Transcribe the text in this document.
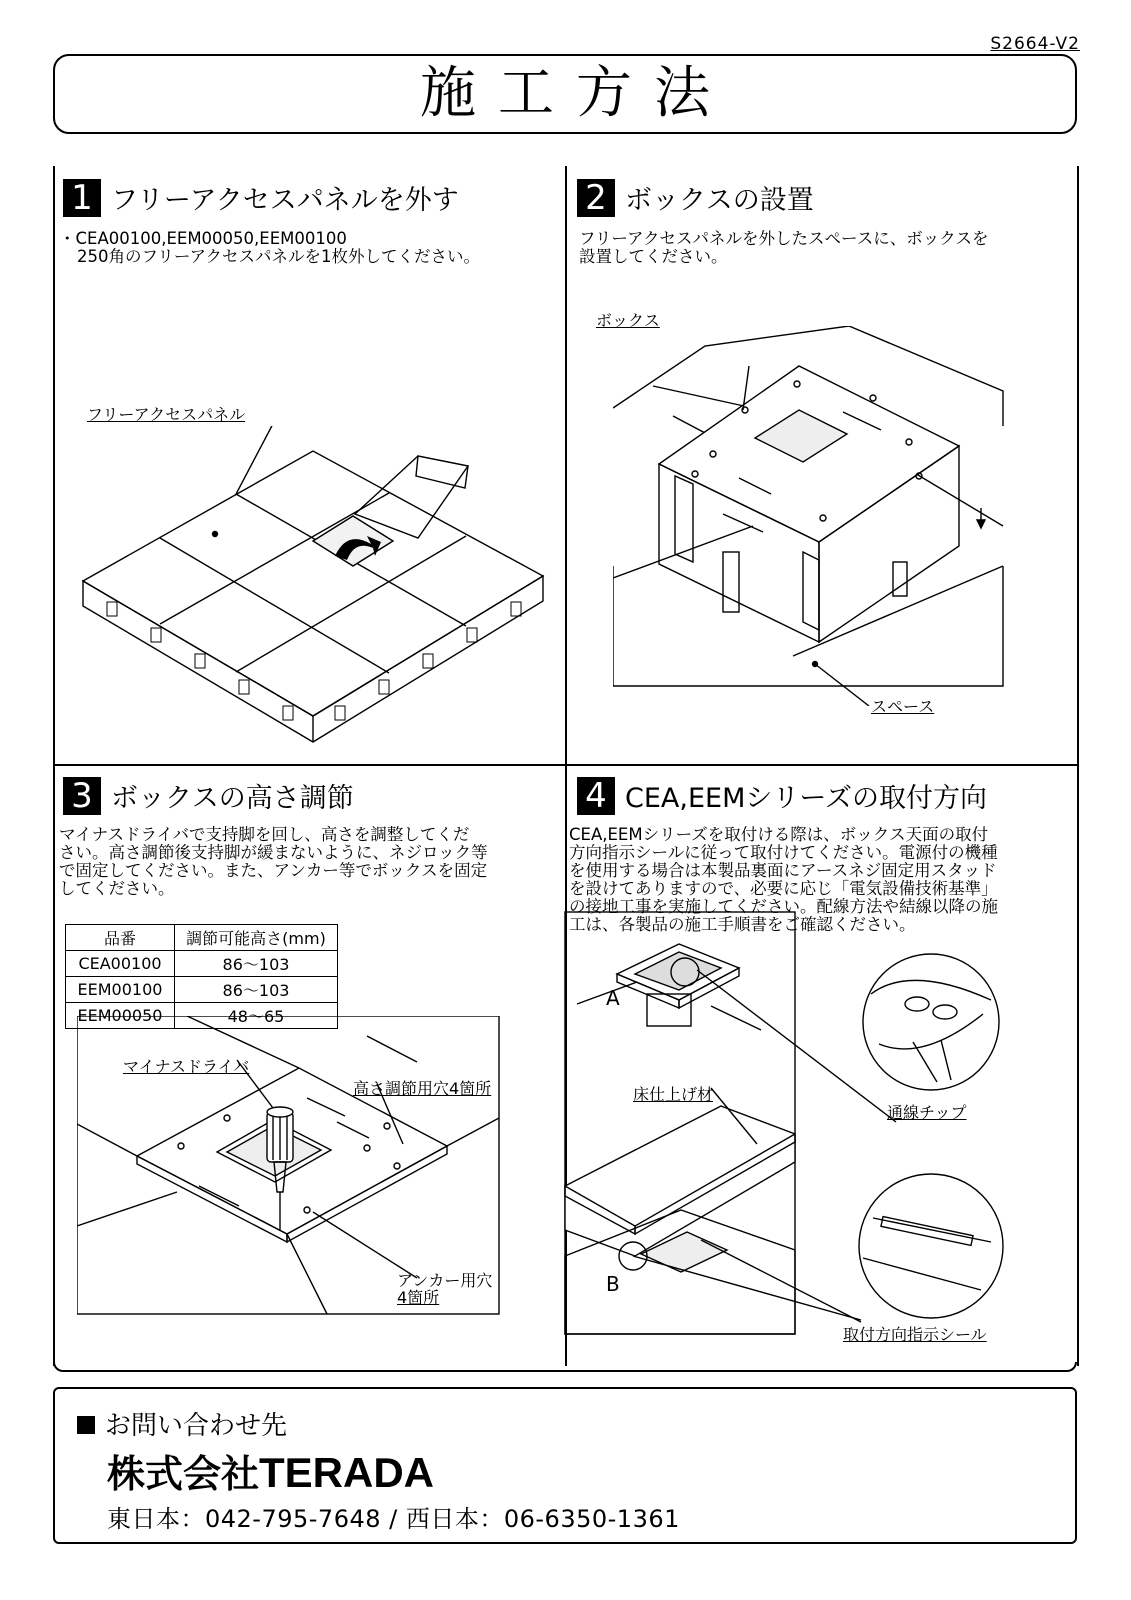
S2664-V2
施工方法
1 フリーアクセスパネルを外す
・CEA00100,EEM00050,EEM00100
250角のフリーアクセスパネルを1枚外してください。
フリーアクセスパネル
2 ボックスの設置
フリーアクセスパネルを外したスペースに、ボックスを
設置してください。
ボックス
スペース
3 ボックスの高さ調節
マイナスドライバで支持脚を回し、高さを調整してくだ
さい。高さ調節後支持脚が緩まないように、ネジロック等
で固定してください。また、アンカー等でボックスを固定
してください。
品番	調節可能高さ(mm)
CEA00100	86～103
EEM00100	86～103
EEM00050	48～65
マイナスドライバ
高さ調節用穴4箇所
アンカー用穴
4箇所
4 CEA,EEMシリーズの取付方向
CEA,EEMシリーズを取付ける際は、ボックス天面の取付
方向指示シールに従って取付けてください。電源付の機種
を使用する場合は本製品裏面にアースネジ固定用スタッド
を設けてありますので、必要に応じ「電気設備技術基準」
の接地工事を実施してください。配線方法や結線以降の施
工は、各製品の施工手順書をご確認ください。
A
B
床仕上げ材
通線チップ
取付方向指示シール
お問い合わせ先
株式会社TERADA
東日本：042-795-7648 / 西日本：06-6350-1361
